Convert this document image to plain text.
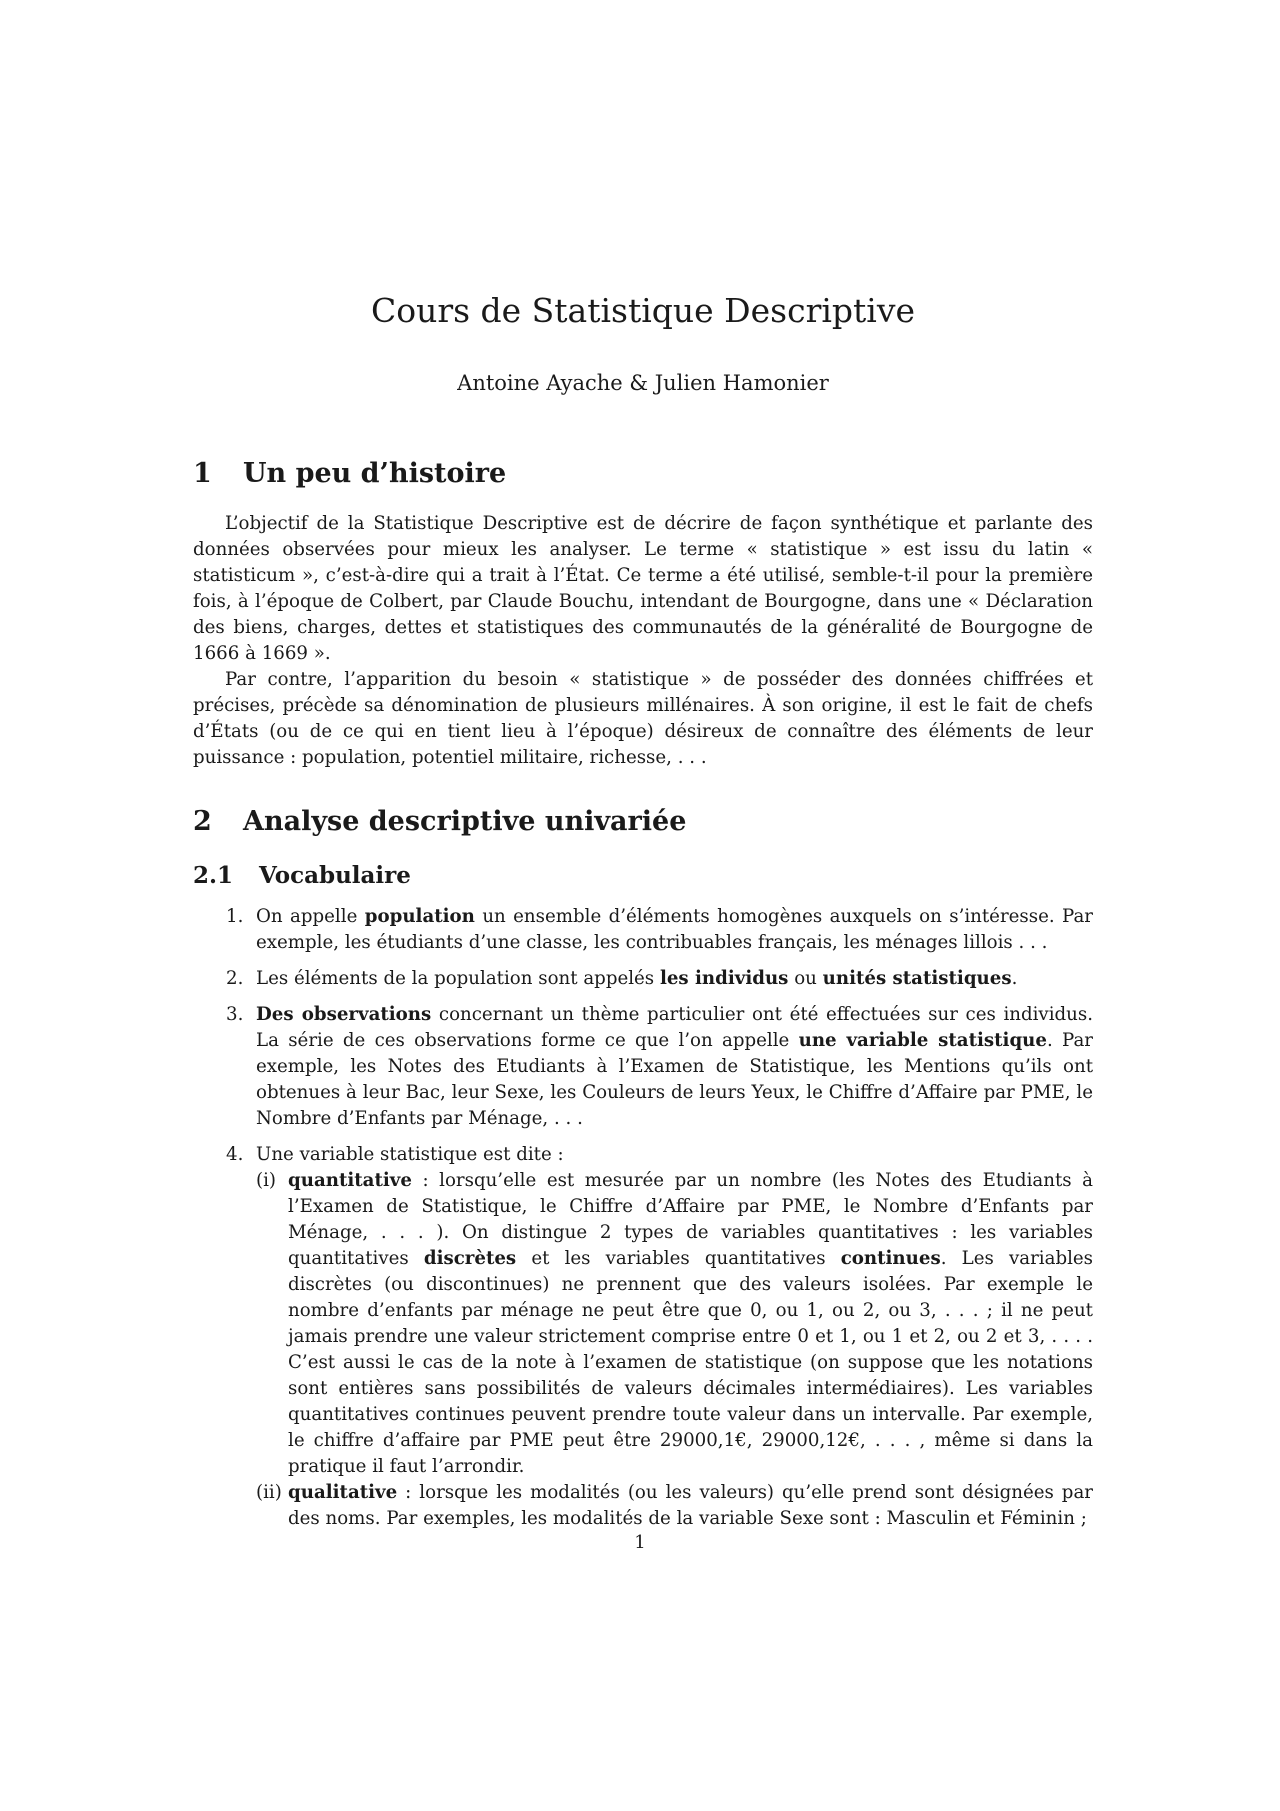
Cours de Statistique Descriptive
Antoine Ayache & Julien Hamonier
1 Un peu d’histoire

L’objectif de la Statistique Descriptive est de décrire de façon synthétique et parlante des données observées pour mieux les analyser. Le terme « statistique » est issu du latin « statisticum », c’est-à-dire qui a trait à l’État. Ce terme a été utilisé, semble-t-il pour la première fois, à l’époque de Colbert, par Claude Bouchu, intendant de Bourgogne, dans une « Déclaration des biens, charges, dettes et statistiques des communautés de la généralité de Bourgogne de 1666 à 1669 ».

Par contre, l’apparition du besoin « statistique » de posséder des données chiffrées et précises, précède sa dénomination de plusieurs millénaires. À son origine, il est le fait de chefs d’États (ou de ce qui en tient lieu à l’époque) désireux de connaître des éléments de leur puissance : population, potentiel militaire, richesse, . . .

2 Analyse descriptive univariée
2.1 Vocabulaire
1. On appelle population un ensemble d’éléments homogènes auxquels on s’intéresse. Par exemple, les étudiants d’une classe, les contribuables français, les ménages lillois . . .
2. Les éléments de la population sont appelés les individus ou unités statistiques.
3. Des observations concernant un thème particulier ont été effectuées sur ces individus. La série de ces observations forme ce que l’on appelle une variable statistique. Par exemple, les Notes des Etudiants à l’Examen de Statistique, les Mentions qu’ils ont obtenues à leur Bac, leur Sexe, les Couleurs de leurs Yeux, le Chiffre d’Affaire par PME, le Nombre d’Enfants par Ménage, . . .
4. Une variable statistique est dite :
(i) quantitative : lorsqu’elle est mesurée par un nombre (les Notes des Etudiants à l’Examen de Statistique, le Chiffre d’Affaire par PME, le Nombre d’Enfants par Ménage, . . . ). On distingue 2 types de variables quantitatives : les variables quantitatives discrètes et les variables quantitatives continues. Les variables discrètes (ou discontinues) ne prennent que des valeurs isolées. Par exemple le nombre d’enfants par ménage ne peut être que 0, ou 1, ou 2, ou 3, . . . ; il ne peut jamais prendre une valeur strictement comprise entre 0 et 1, ou 1 et 2, ou 2 et 3, . . . . C’est aussi le cas de la note à l’examen de statistique (on suppose que les notations sont entières sans possibilités de valeurs décimales intermédiaires). Les variables quantitatives continues peuvent prendre toute valeur dans un intervalle. Par exemple, le chiffre d’affaire par PME peut être 29000,1€, 29000,12€, . . . , même si dans la pratique il faut l’arrondir.
(ii) qualitative : lorsque les modalités (ou les valeurs) qu’elle prend sont désignées par des noms. Par exemples, les modalités de la variable Sexe sont : Masculin et Féminin ;
1
